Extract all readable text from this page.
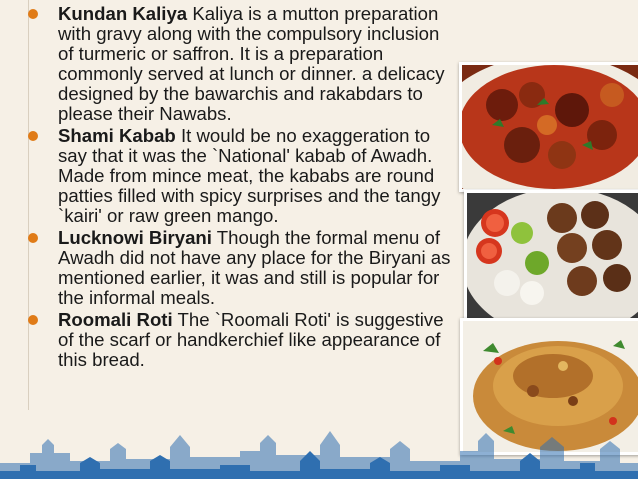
Kundan Kaliya Kaliya is a mutton preparation with gravy along with the compulsory inclusion of turmeric or saffron. It is a preparation commonly served at lunch or dinner. a delicacy designed by the bawarchis and rakabdars to please their Nawabs.
Shami Kabab It would be no exaggeration to say that it was the `National' kabab of Awadh. Made from mince meat, the kababs are round patties filled with spicy surprises and the tangy `kairi' or raw green mango.
Lucknowi Biryani Though the formal menu of Awadh did not have any place for the Biryani as mentioned earlier, it was and still is popular for the informal meals.
Roomali Roti The `Roomali Roti' is suggestive of the scarf or handkerchief like appearance of this bread.
